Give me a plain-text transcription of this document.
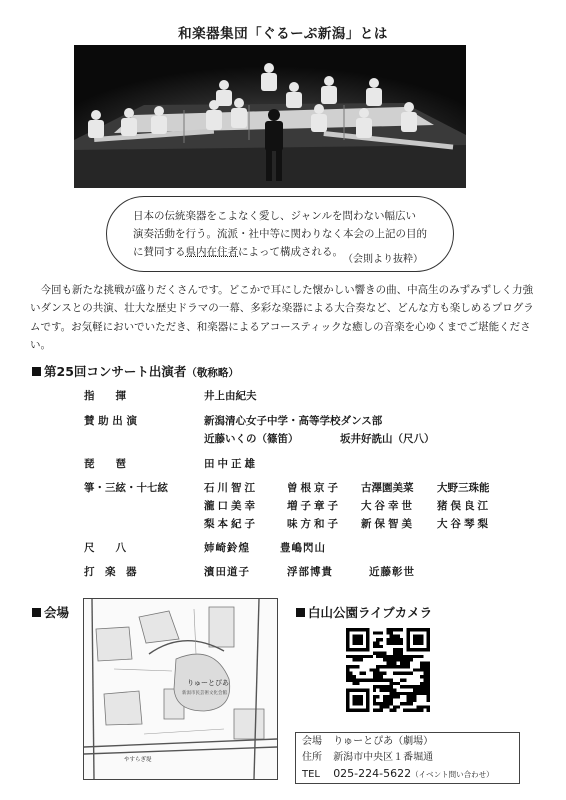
和楽器集団「ぐるーぷ新潟」とは
日本の伝統楽器をこよなく愛し、ジャンルを問わない幅広い
演奏活動を行う。流派・社中等に関わりなく本会の上記の目的
に賛同する県内在住者によって構成される。
（会則より抜粋）
今回も新たな挑戦が盛りだくさんです。どこかで耳にした懐かしい響きの曲、中高生のみずみずしく力強いダンスとの共演、壮大な歴史ドラマの一幕、多彩な楽器による大合奏など、どんな方も楽しめるプログラムです。お気軽においでいただき、和楽器によるアコースティックな癒しの音楽を心ゆくまでご堪能ください。
第25回コンサート出演者（敬称略）
指　　揮	井上由紀夫
賛 助 出 演	新潟清心女子中学・高等学校ダンス部
近藤いくの（篠笛）	坂井好詵山（尺八）
琵　　琶	田中正雄
箏・三絃・十七絃	石川智江	曽根京子 古澤園美菜 大野三珠能
瀧口美幸	増子章子 大谷幸世 猪俣良江
梨本紀子	味方和子 新保智美 大谷琴梨
尺　　八	姉崎鈴煌	豊嶋閃山
打　楽　器	濱田道子	浮部博貴	近藤彰世
会場
りゅーとぴあ
新潟市民芸術文化会館
やすらぎ堤
白山公園ライブカメラ
会場 りゅーとぴあ（劇場）
住所 新潟市中央区１番堀通
TEL 025-224-5622（イベント問い合わせ）
